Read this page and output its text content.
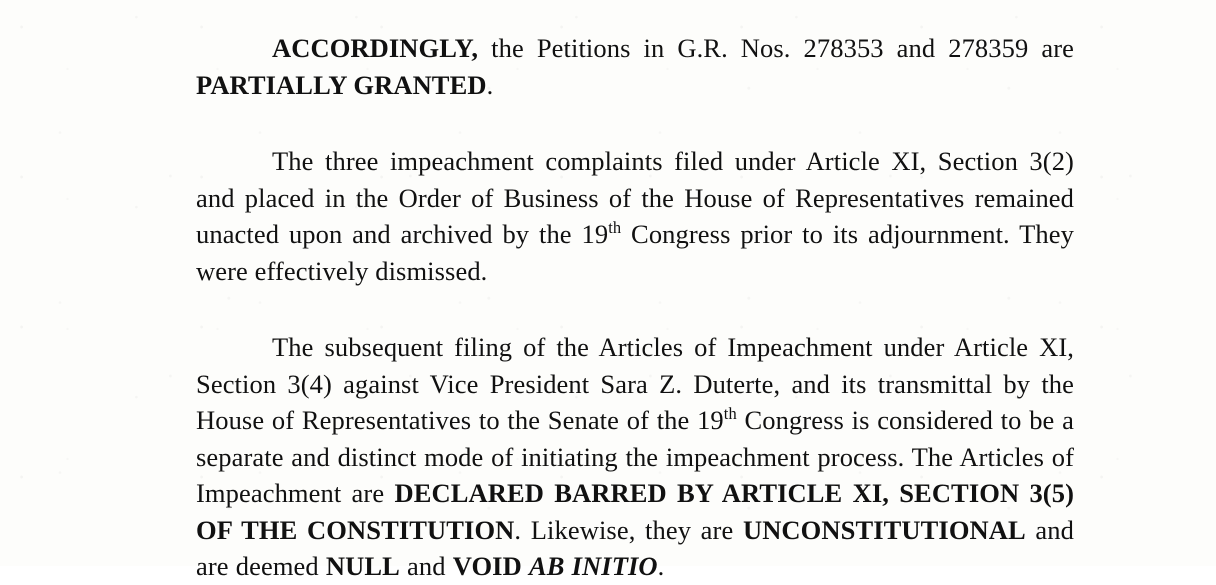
ACCORDINGLY, the Petitions in G.R. Nos. 278353 and 278359 are PARTIALLY GRANTED.

The three impeachment complaints filed under Article XI, Section 3(2) and placed in the Order of Business of the House of Representatives remained unacted upon and archived by the 19th Congress prior to its adjournment. They were effectively dismissed.

The subsequent filing of the Articles of Impeachment under Article XI, Section 3(4) against Vice President Sara Z. Duterte, and its transmittal by the House of Representatives to the Senate of the 19th Congress is considered to be a separate and distinct mode of initiating the impeachment process. The Articles of Impeachment are DECLARED BARRED BY ARTICLE XI, SECTION 3(5) OF THE CONSTITUTION. Likewise, they are UNCONSTITUTIONAL and are deemed NULL and VOID AB INITIO.
